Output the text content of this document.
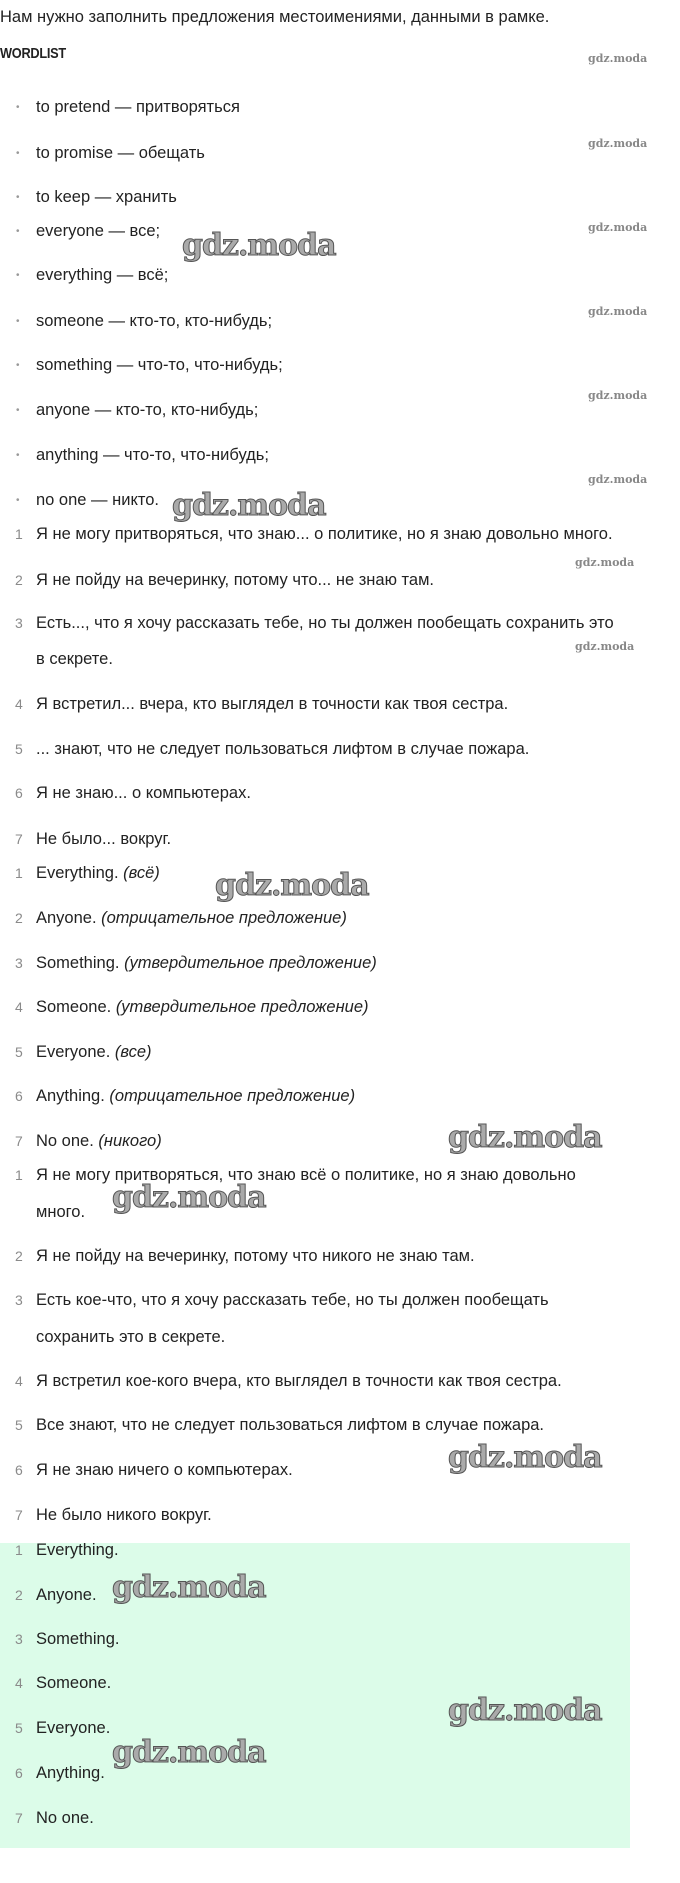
Нам нужно заполнить предложения местоимениями, данными в рамке.
WORDLIST
• to pretend — притворяться
• to promise — обещать
• to keep — хранить
• everyone — все;
• everything — всё;
• someone — кто-то, кто-нибудь;
• something — что-то, что-нибудь;
• anyone — кто-то, кто-нибудь;
• anything — что-то, что-нибудь;
• no one — никто.
1 Я не могу притворяться, что знаю... о политике, но я знаю довольно много.
2 Я не пойду на вечеринку, потому что... не знаю там.
3 Есть..., что я хочу рассказать тебе, но ты должен пообещать сохранить это
в секрете.
4 Я встретил... вчера, кто выглядел в точности как твоя сестра.
5 ... знают, что не следует пользоваться лифтом в случае пожара.
6 Я не знаю... о компьютерах.
7 Не было... вокруг.
1 Everything. (всё)
2 Anyone. (отрицательное предложение)
3 Something. (утвердительное предложение)
4 Someone. (утвердительное предложение)
5 Everyone. (все)
6 Anything. (отрицательное предложение)
7 No one. (никого)
1 Я не могу притворяться, что знаю всё о политике, но я знаю довольно
много.
2 Я не пойду на вечеринку, потому что никого не знаю там.
3 Есть кое-что, что я хочу рассказать тебе, но ты должен пообещать
сохранить это в секрете.
4 Я встретил кое-кого вчера, кто выглядел в точности как твоя сестра.
5 Все знают, что не следует пользоваться лифтом в случае пожара.
6 Я не знаю ничего о компьютерах.
7 Не было никого вокруг.
1 Everything.
2 Anyone.
3 Something.
4 Someone.
5 Everyone.
6 Anything.
7 No one.
gdz.moda
gdz.moda
gdz.moda
gdz.moda
gdz.moda
gdz.moda
gdz.moda
gdz.moda
gdz.moda
gdz.moda
gdz.moda
gdz.moda
gdz.moda
gdz.moda
gdz.moda
gdz.moda
gdz.moda
